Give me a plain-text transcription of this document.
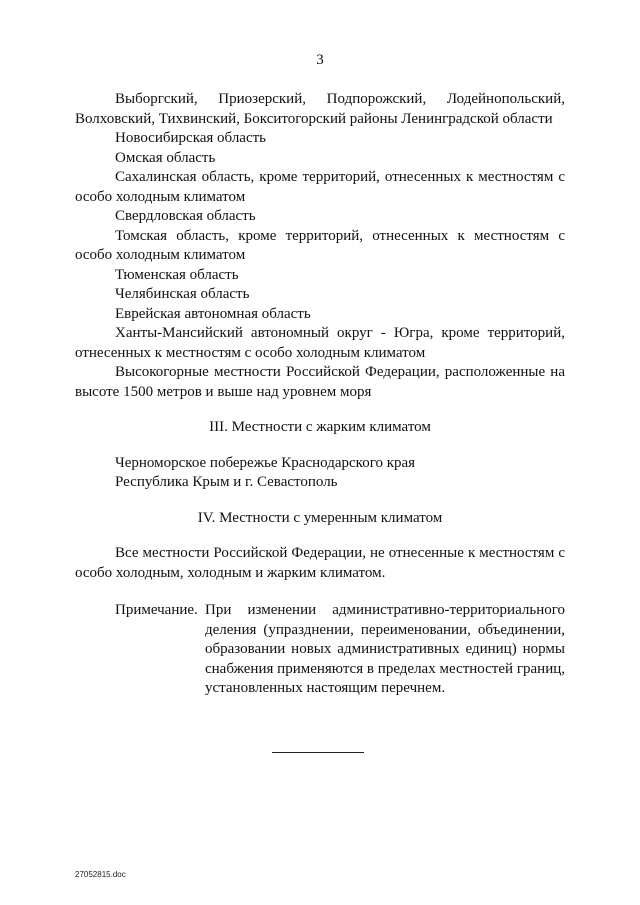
3

Выборгский, Приозерский, Подпорожский, Лодейнопольский, Волховский, Тихвинский, Бокситогорский районы Ленинградской области

Новосибирская область

Омская область

Сахалинская область, кроме территорий, отнесенных к местностям с особо холодным климатом

Свердловская область

Томская область, кроме территорий, отнесенных к местностям с особо холодным климатом

Тюменская область

Челябинская область

Еврейская автономная область

Ханты-Мансийский автономный округ - Югра, кроме территорий, отнесенных к местностям с особо холодным климатом

Высокогорные местности Российской Федерации, расположенные на высоте 1500 метров и выше над уровнем моря

III. Местности с жарким климатом

Черноморское побережье Краснодарского края

Республика Крым и г. Севастополь

IV. Местности с умеренным климатом

Все местности Российской Федерации, не отнесенные к местностям с особо холодным, холодным и жарким климатом.

Примечание. При изменении административно-территориального деления (упразднении, переименовании, объединении, образовании новых административных единиц) нормы снабжения применяются в пределах местностей границ, установленных настоящим перечнем.
27052815.doc
